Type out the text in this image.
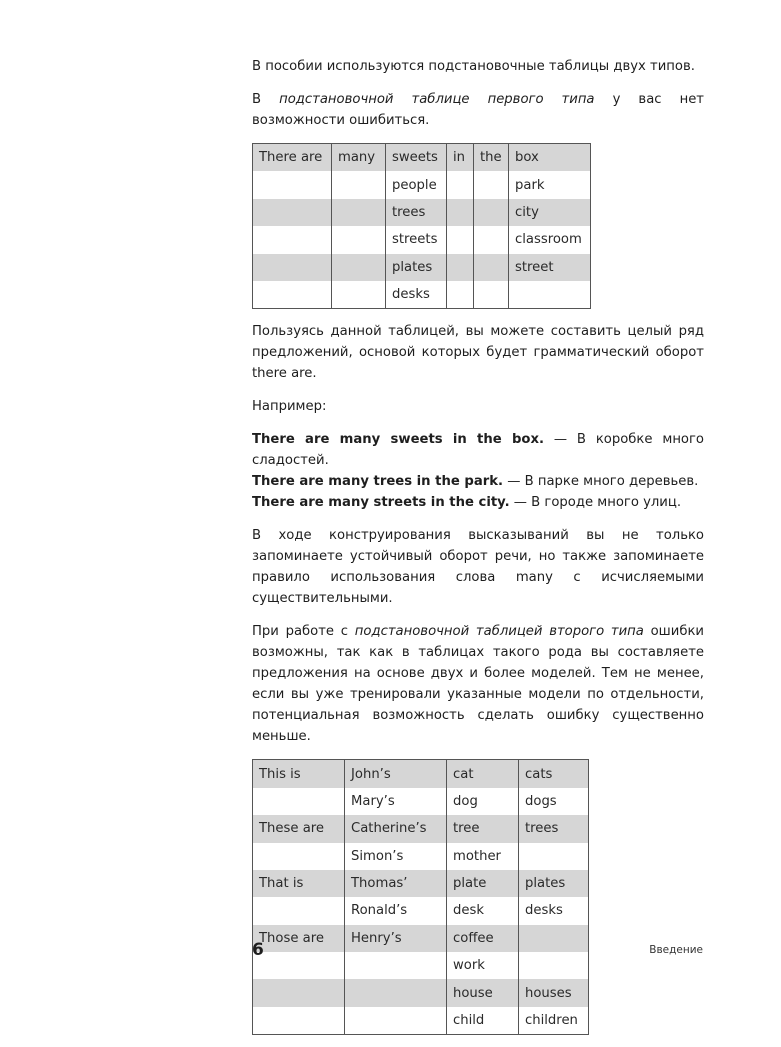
В пособии используются подстановочные таблицы двух типов.

В подстановочной таблице первого типа у вас нет возможности ошибиться.

There are	many	sweets	in	the	box
		people			park
		trees			city
		streets			classroom
		plates			street
		desks			

Пользуясь данной таблицей, вы можете составить целый ряд предложений, основой которых будет грамматический оборот there are.

Например:

There are many sweets in the box. — В коробке много сладостей.

There are many trees in the park. — В парке много деревьев.

There are many streets in the city. — В городе много улиц.

В ходе конструирования высказываний вы не только запоминаете устойчивый оборот речи, но также запоминаете правило использования слова many с исчисляемыми существительными.

При работе с подстановочной таблицей второго типа ошибки возможны, так как в таблицах такого рода вы составляете предложения на основе двух и более моделей. Тем не менее, если вы уже тренировали указанные модели по отдельности, потенциальная возможность сделать ошибку существенно меньше.

This is	John’s	cat	cats
	Mary’s	dog	dogs
These are	Catherine’s	tree	trees
	Simon’s	mother	
That is	Thomas’	plate	plates
	Ronald’s	desk	desks
Those are	Henry’s	coffee	
		work	
		house	houses
		child	children
6	Введение
